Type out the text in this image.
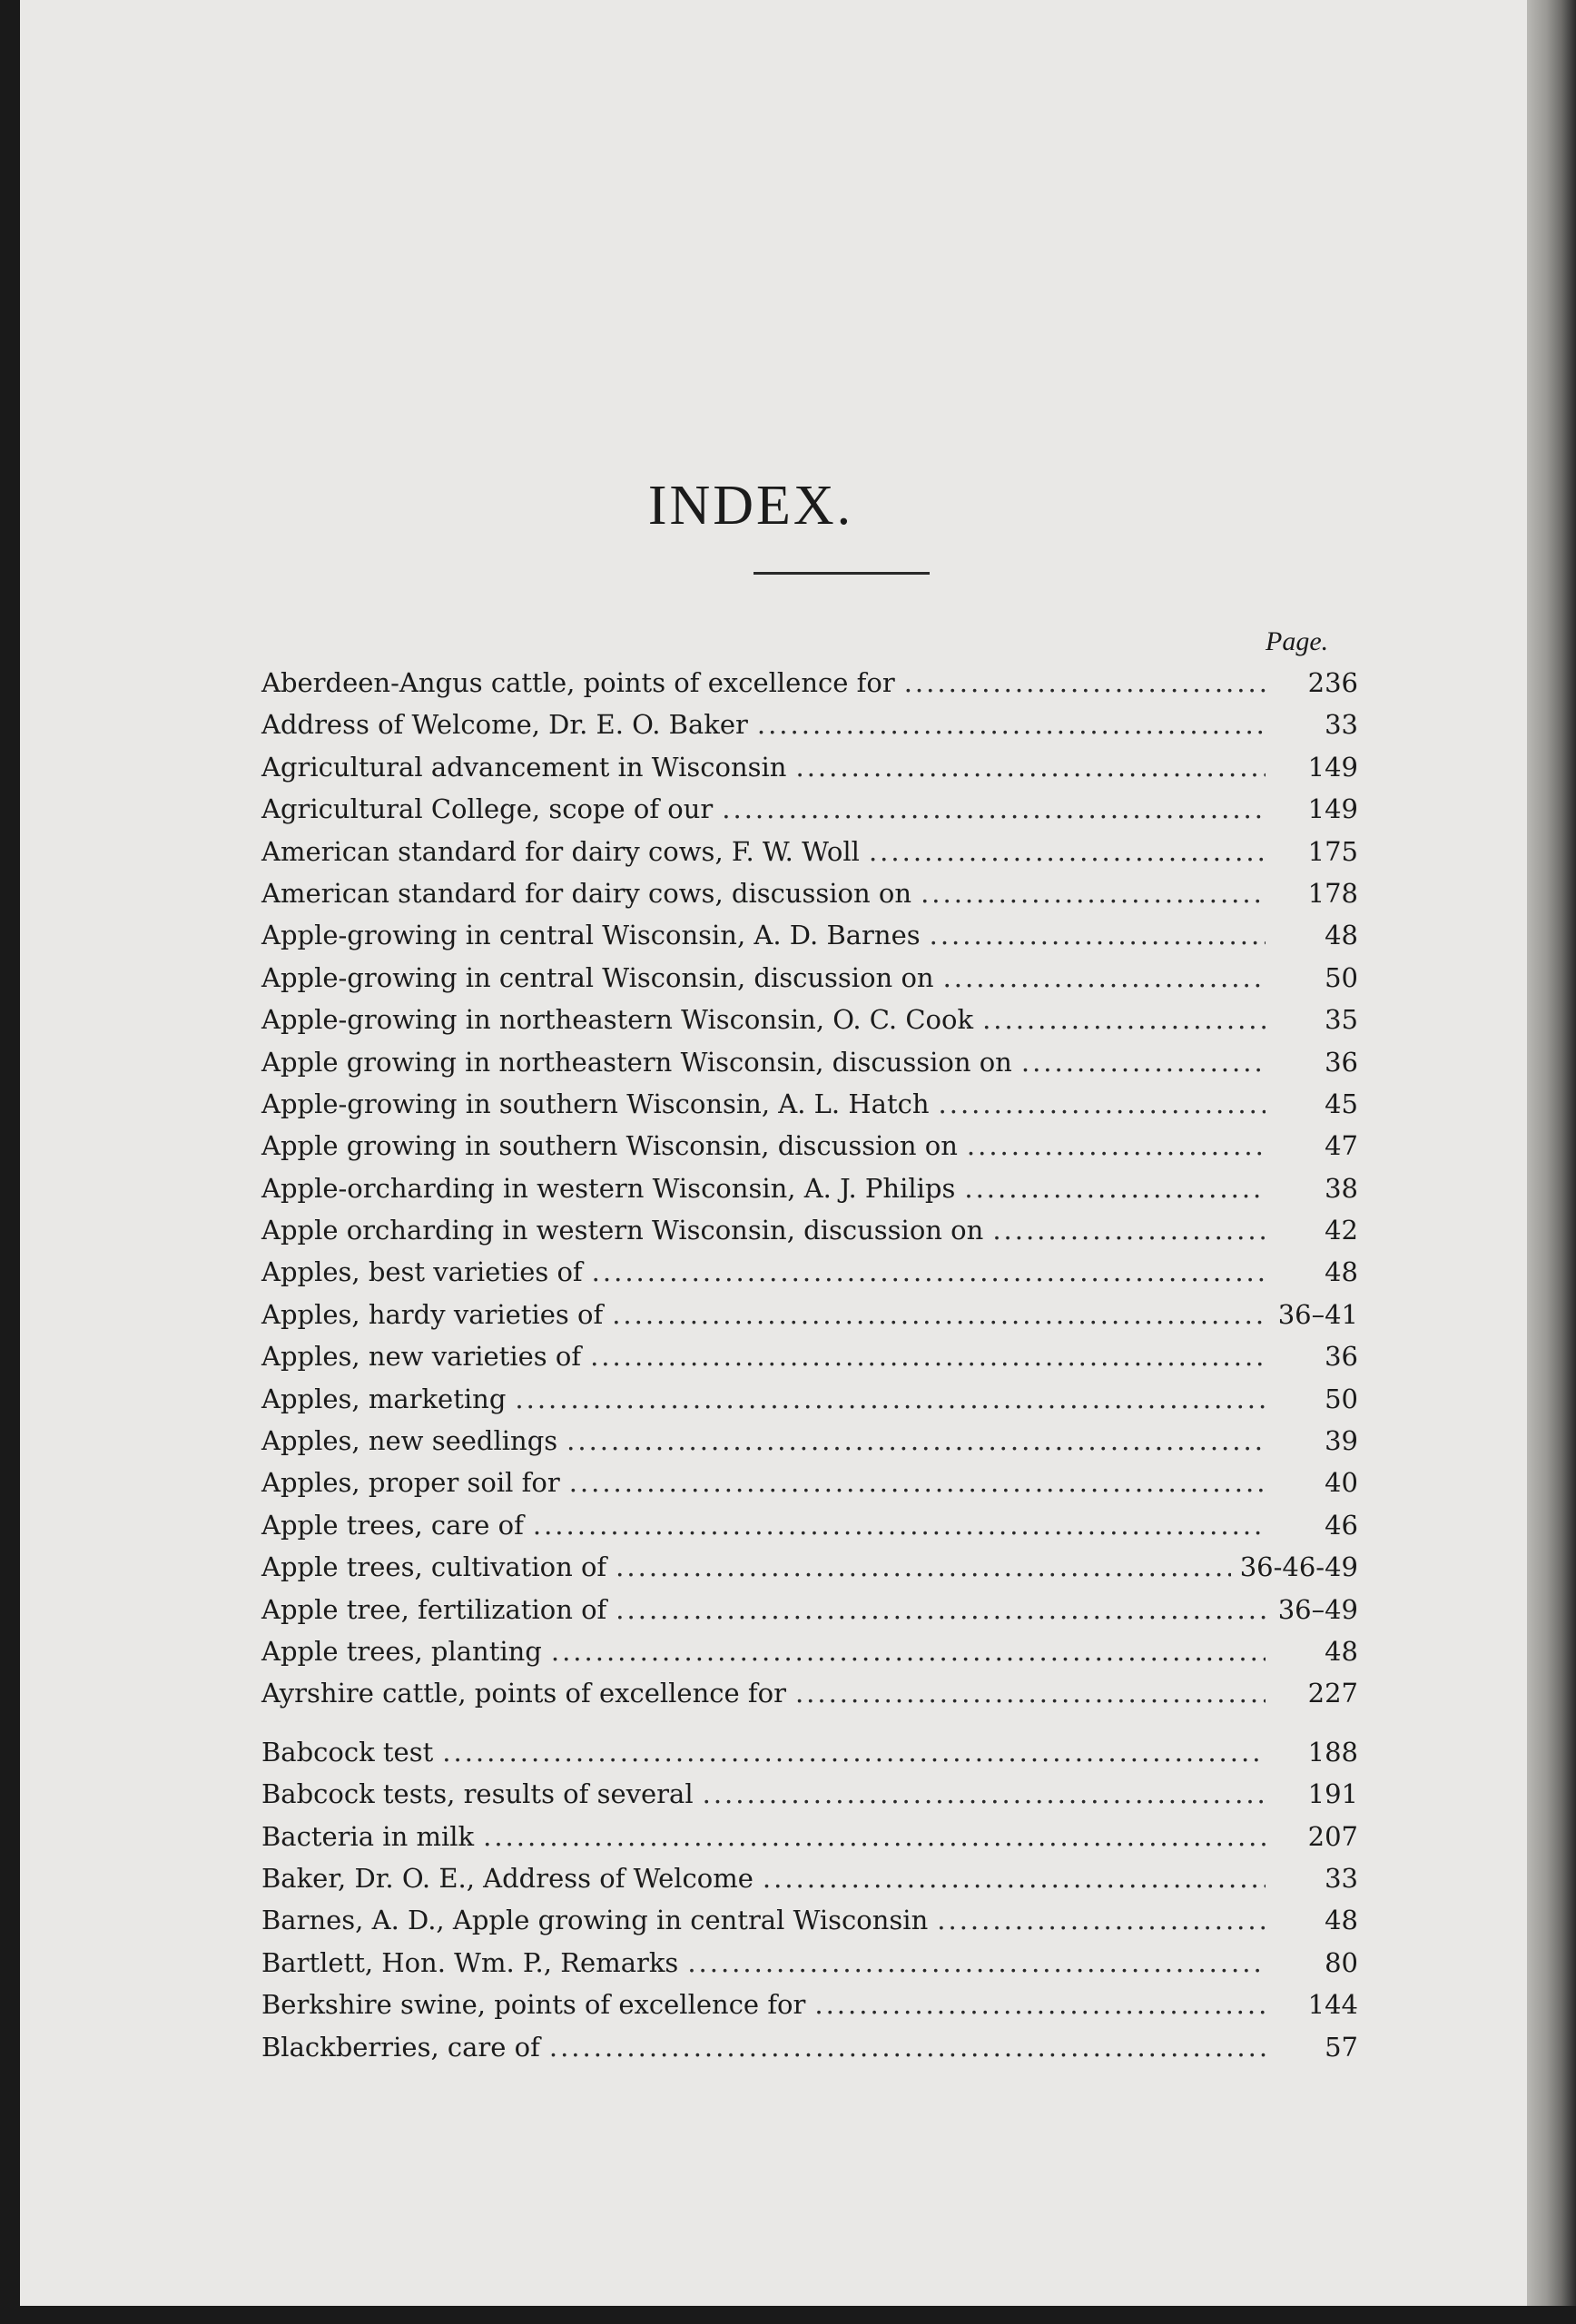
INDEX.
Page.
Aberdeen-Angus cattle, points of excellence for .....	236
Address of Welcome, Dr. E. O. Baker .....	33
Agricultural advancement in Wisconsin .....	149
Agricultural College, scope of our .....	149
American standard for dairy cows, F. W. Woll .....	175
American standard for dairy cows, discussion on .....	178
Apple-growing in central Wisconsin, A. D. Barnes .....	48
Apple-growing in central Wisconsin, discussion on .....	50
Apple-growing in northeastern Wisconsin, O. C. Cook .....	35
Apple growing in northeastern Wisconsin, discussion on .....	36
Apple-growing in southern Wisconsin, A. L. Hatch .....	45
Apple growing in southern Wisconsin, discussion on .....	47
Apple-orcharding in western Wisconsin, A. J. Philips .....	38
Apple orcharding in western Wisconsin, discussion on .....	42
Apples, best varieties of .....	48
Apples, hardy varieties of .....	36–41
Apples, new varieties of .....	36
Apples, marketing .....	50
Apples, new seedlings .....	39
Apples, proper soil for .....	40
Apple trees, care of .....	46
Apple trees, cultivation of .....	36-46-49
Apple tree, fertilization of .....	36–49
Apple trees, planting .....	48
Ayrshire cattle, points of excellence for .....	227
Babcock test .....	188
Babcock tests, results of several .....	191
Bacteria in milk .....	207
Baker, Dr. O. E., Address of Welcome .....	33
Barnes, A. D., Apple growing in central Wisconsin .....	48
Bartlett, Hon. Wm. P., Remarks .....	80
Berkshire swine, points of excellence for .....	144
Blackberries, care of .....	57
